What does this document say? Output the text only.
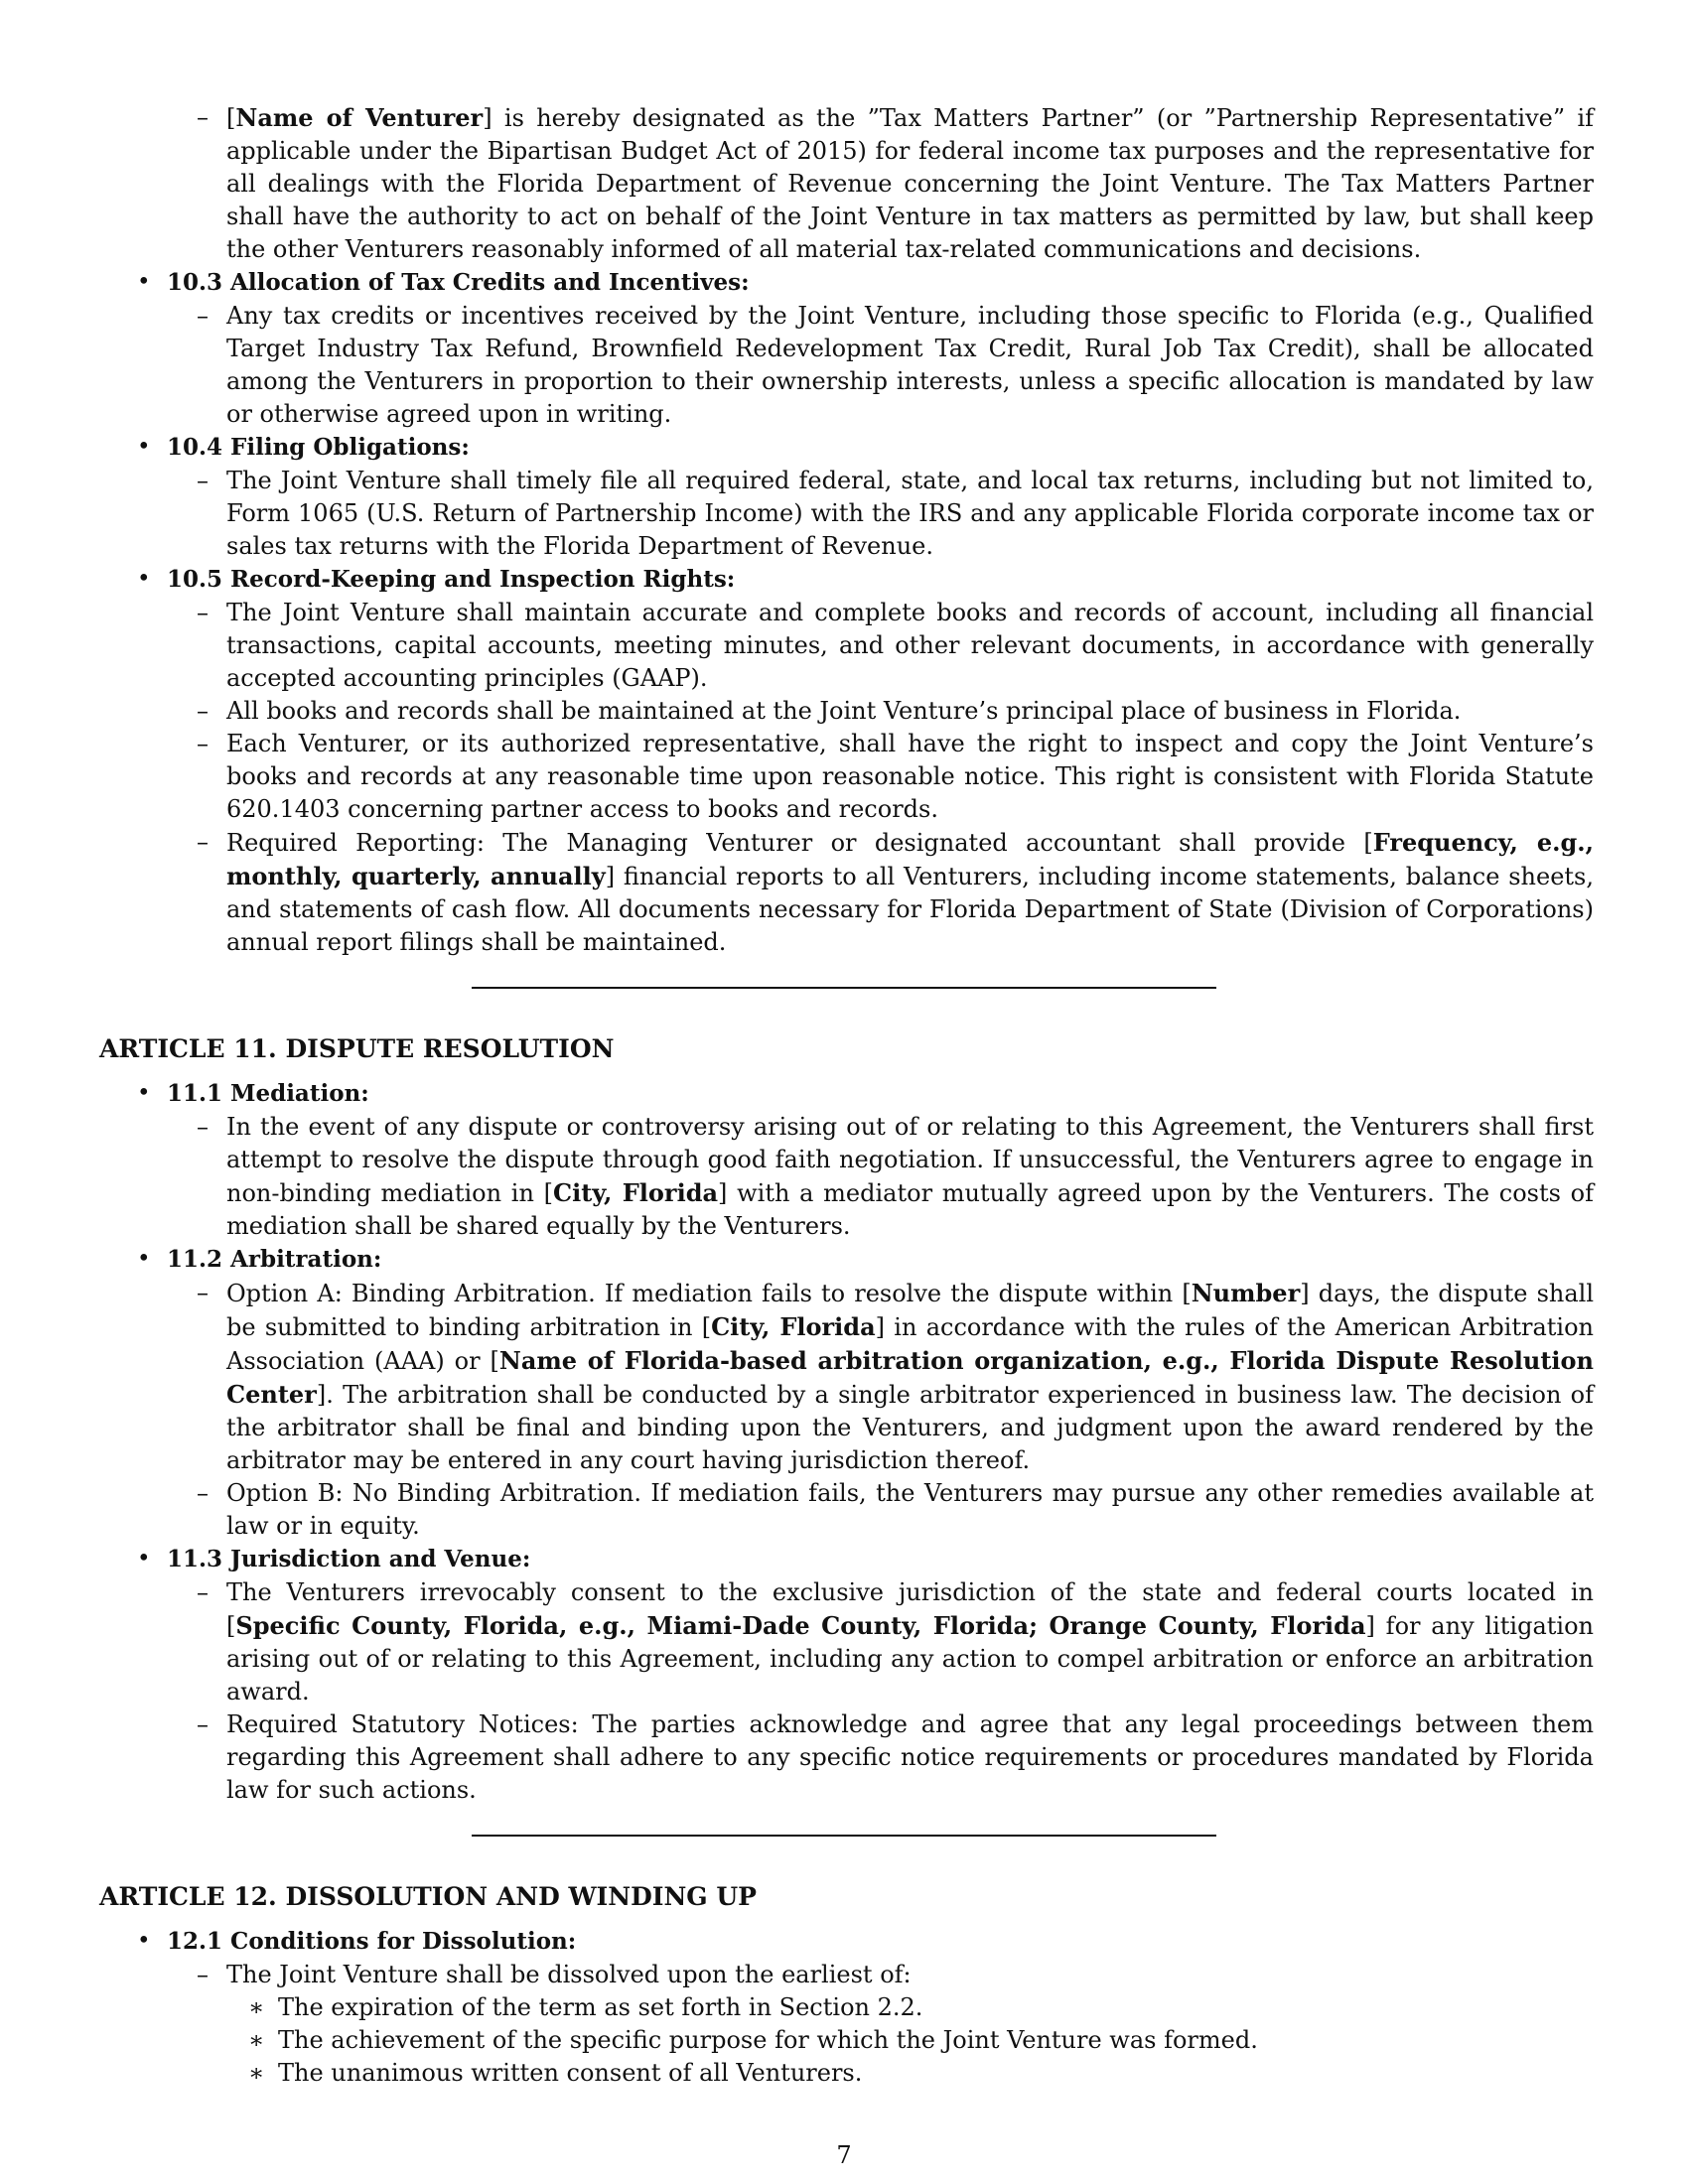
– [Name of Venturer] is hereby designated as the ”Tax Matters Partner” (or ”Partnership Representative” if applicable under the Bipartisan Budget Act of 2015) for federal income tax purposes and the representative for all dealings with the Florida Department of Revenue concerning the Joint Venture. The Tax Matters Partner shall have the authority to act on behalf of the Joint Venture in tax matters as permitted by law, but shall keep the other Venturers reasonably informed of all material tax-related communications and decisions.
• 10.3 Allocation of Tax Credits and Incentives:
– Any tax credits or incentives received by the Joint Venture, including those specific to Florida (e.g., Qualified Target Industry Tax Refund, Brownfield Redevelopment Tax Credit, Rural Job Tax Credit), shall be allocated among the Venturers in proportion to their ownership interests, unless a specific allocation is mandated by law or otherwise agreed upon in writing.
• 10.4 Filing Obligations:
– The Joint Venture shall timely file all required federal, state, and local tax returns, including but not limited to, Form 1065 (U.S. Return of Partnership Income) with the IRS and any applicable Florida corporate income tax or sales tax returns with the Florida Department of Revenue.
• 10.5 Record-Keeping and Inspection Rights:
– The Joint Venture shall maintain accurate and complete books and records of account, including all financial transactions, capital accounts, meeting minutes, and other relevant documents, in accordance with generally accepted accounting principles (GAAP).
– All books and records shall be maintained at the Joint Venture’s principal place of business in Florida.
– Each Venturer, or its authorized representative, shall have the right to inspect and copy the Joint Venture’s books and records at any reasonable time upon reasonable notice. This right is consistent with Florida Statute 620.1403 concerning partner access to books and records.
– Required Reporting: The Managing Venturer or designated accountant shall provide [Frequency, e.g., monthly, quarterly, annually] financial reports to all Venturers, including income statements, balance sheets, and statements of cash flow. All documents necessary for Florida Department of State (Division of Corporations) annual report filings shall be maintained.
ARTICLE 11. DISPUTE RESOLUTION
• 11.1 Mediation:
– In the event of any dispute or controversy arising out of or relating to this Agreement, the Venturers shall first attempt to resolve the dispute through good faith negotiation. If unsuccessful, the Venturers agree to engage in non-binding mediation in [City, Florida] with a mediator mutually agreed upon by the Venturers. The costs of mediation shall be shared equally by the Venturers.
• 11.2 Arbitration:
– Option A: Binding Arbitration. If mediation fails to resolve the dispute within [Number] days, the dispute shall be submitted to binding arbitration in [City, Florida] in accordance with the rules of the American Arbitration Association (AAA) or [Name of Florida-based arbitration organization, e.g., Florida Dispute Resolution Center]. The arbitration shall be conducted by a single arbitrator experienced in business law. The decision of the arbitrator shall be final and binding upon the Venturers, and judgment upon the award rendered by the arbitrator may be entered in any court having jurisdiction thereof.
– Option B: No Binding Arbitration. If mediation fails, the Venturers may pursue any other remedies available at law or in equity.
• 11.3 Jurisdiction and Venue:
– The Venturers irrevocably consent to the exclusive jurisdiction of the state and federal courts located in [Specific County, Florida, e.g., Miami-Dade County, Florida; Orange County, Florida] for any litigation arising out of or relating to this Agreement, including any action to compel arbitration or enforce an arbitration award.
– Required Statutory Notices: The parties acknowledge and agree that any legal proceedings between them regarding this Agreement shall adhere to any specific notice requirements or procedures mandated by Florida law for such actions.
ARTICLE 12. DISSOLUTION AND WINDING UP
• 12.1 Conditions for Dissolution:
– The Joint Venture shall be dissolved upon the earliest of:
∗ The expiration of the term as set forth in Section 2.2.
∗ The achievement of the specific purpose for which the Joint Venture was formed.
∗ The unanimous written consent of all Venturers.
7
